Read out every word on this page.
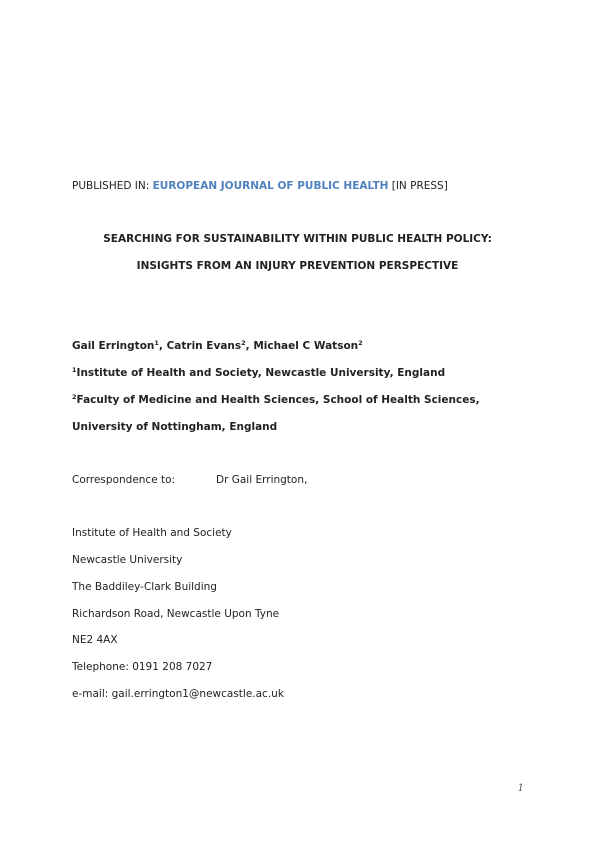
PUBLISHED IN: EUROPEAN JOURNAL OF PUBLIC HEALTH [IN PRESS]
SEARCHING FOR SUSTAINABILITY WITHIN PUBLIC HEALTH POLICY:
INSIGHTS FROM AN INJURY PREVENTION PERSPECTIVE
Gail Errington$^1$, Catrin Evans$^2$, Michael C Watson$^2$
$^1$Institute of Health and Society, Newcastle University, England
$^2$Faculty of Medicine and Health Sciences, School of Health Sciences,
University of Nottingham, England
Correspondence to:	Dr Gail Errington,
Institute of Health and Society
Newcastle University
The Baddiley-Clark Building
Richardson Road, Newcastle Upon Tyne
NE2 4AX
Telephone: 0191 208 7027
e-mail: gail.errington1@newcastle.ac.uk
1
